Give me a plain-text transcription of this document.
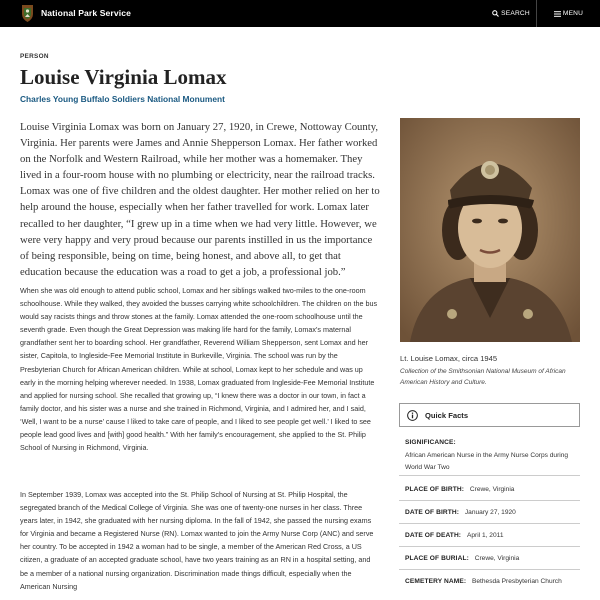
National Park Service	SEARCH	MENU
PERSON
Louise Virginia Lomax
Charles Young Buffalo Soldiers National Monument

Louise Virginia Lomax was born on January 27, 1920, in Crewe, Nottoway County, Virginia. Her parents were James and Annie Shepperson Lomax. Her father worked on the Norfolk and Western Railroad, while her mother was a homemaker. They lived in a four-room house with no plumbing or electricity, near the railroad tracks. Lomax was one of five children and the oldest daughter. Her mother relied on her to help around the house, especially when her father travelled for work. Lomax later recalled to her daughter, “I grew up in a time when we had very little. However, we were very happy and very proud because our parents instilled in us the importance of being responsible, being on time, being honest, and above all, to get that education because the education was a road to get a job, a professional job.”

When she was old enough to attend public school, Lomax and her siblings walked two-miles to the one-room schoolhouse. While they walked, they avoided the busses carrying white schoolchildren. The children on the bus would say racists things and throw stones at the family. Lomax attended the one-room schoolhouse until the seventh grade. Even though the Great Depression was making life hard for the family, Lomax’s maternal grandfather sent her to boarding school. Her grandfather, Reverend William Shepperson, sent Lomax and her sister, Capitola, to Ingleside-Fee Memorial Institute in Burkeville, Virginia. The school was run by the Presbyterian Church for African American children. While at school, Lomax kept to her schedule and was up early in the morning helping wherever needed. In 1938, Lomax graduated from Ingleside-Fee Memorial Institute and applied for nursing school. She recalled that growing up, “I knew there was a doctor in our town, in fact a family doctor, and his sister was a nurse and she trained in Richmond, Virginia, and I admired her, and I said, ‘Well, I want to be a nurse’ cause I liked to take care of people, and I liked to see people get well.’ I liked to see people lead good lives and [with] good health.” With her family’s encouragement, she applied to the St. Philip School of Nursing in Richmond, Virginia.

In September 1939, Lomax was accepted into the St. Philip School of Nursing at St. Philip Hospital, the segregated branch of the Medical College of Virginia. She was one of twenty-one nurses in her class. Three years later, in 1942, she graduated with her nursing diploma. In the fall of 1942, she passed the nursing exams for Virginia and became a Registered Nurse (RN). Lomax wanted to join the Army Nurse Corp (ANC) and serve her country. To be accepted in 1942 a woman had to be single, a member of the American Red Cross, a US citizen, a graduate of an accepted graduate school, have two years training as an RN in a hospital setting, and be a member of a national nursing organization. Discrimination made things difficult, especially when the American Nursing

Lt. Louise Lomax, circa 1945
Collection of the Smithsonian National Museum of African American History and Culture.
Quick Facts
SIGNIFICANCE:
African American Nurse in the Army Nurse Corps during World War Two
PLACE OF BIRTH: Crewe, Virginia
DATE OF BIRTH: January 27, 1920
DATE OF DEATH: April 1, 2011
PLACE OF BURIAL: Crewe, Virginia
CEMETERY NAME: Bethesda Presbyterian Church
